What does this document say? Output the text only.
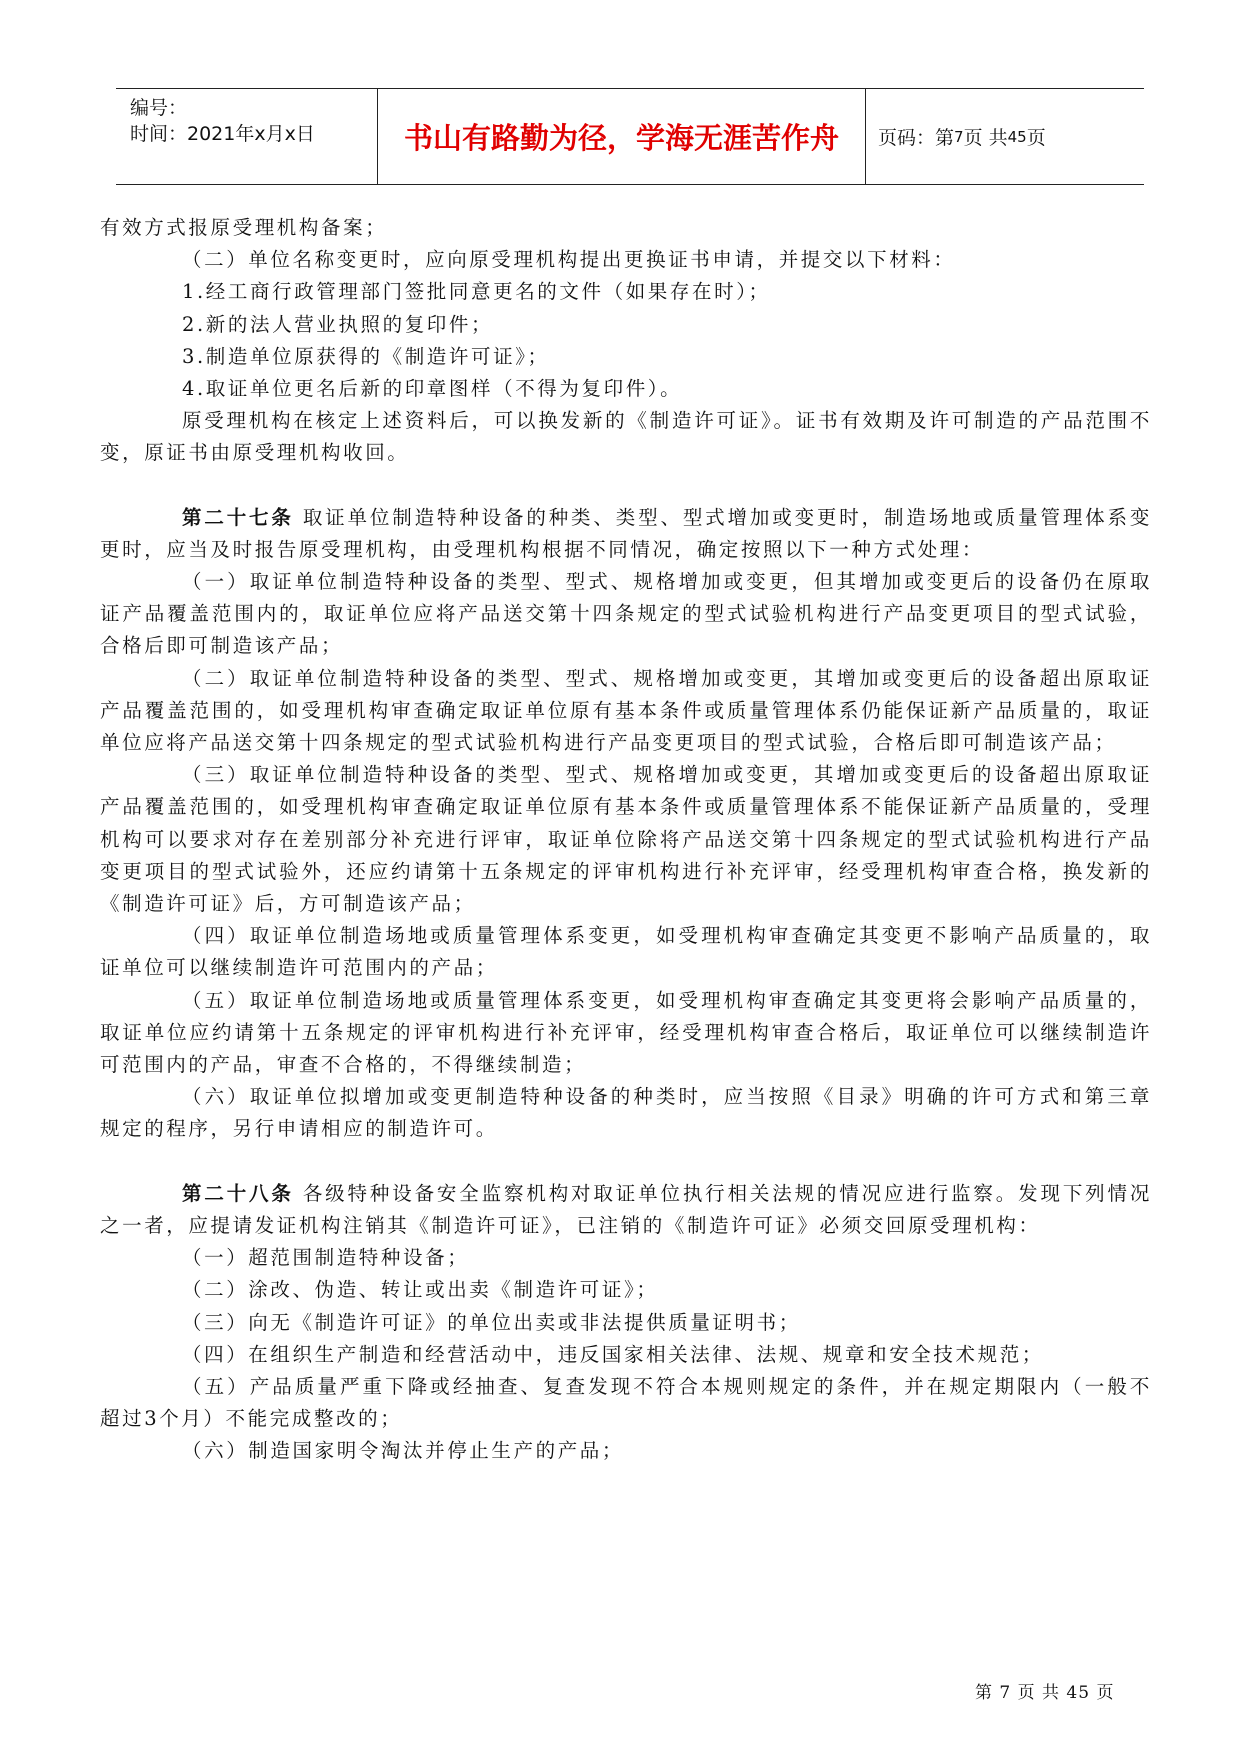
编号：
时间：2021年x月x日	书山有路勤为径，学海无涯苦作舟 页码：第 7 页 共 45 页

有效方式报原受理机构备案；

（二）单位名称变更时，应向原受理机构提出更换证书申请，并提交以下材料：

1.经工商行政管理部门签批同意更名的文件（如果存在时）；

2.新的法人营业执照的复印件；

3.制造单位原获得的《制造许可证》；

4.取证单位更名后新的印章图样（不得为复印件）。

原受理机构在核定上述资料后，可以换发新的《制造许可证》。证书有效期及许可制造的产品范围不变，原证书由原受理机构收回。

第二十七条 取证单位制造特种设备的种类、类型、型式增加或变更时，制造场地或质量管理体系变更时，应当及时报告原受理机构，由受理机构根据不同情况，确定按照以下一种方式处理：

（一）取证单位制造特种设备的类型、型式、规格增加或变更，但其增加或变更后的设备仍在原取证产品覆盖范围内的，取证单位应将产品送交第十四条规定的型式试验机构进行产品变更项目的型式试验，合格后即可制造该产品；

（二）取证单位制造特种设备的类型、型式、规格增加或变更，其增加或变更后的设备超出原取证产品覆盖范围的，如受理机构审查确定取证单位原有基本条件或质量管理体系仍能保证新产品质量的，取证单位应将产品送交第十四条规定的型式试验机构进行产品变更项目的型式试验，合格后即可制造该产品；

（三）取证单位制造特种设备的类型、型式、规格增加或变更，其增加或变更后的设备超出原取证产品覆盖范围的，如受理机构审查确定取证单位原有基本条件或质量管理体系不能保证新产品质量的，受理机构可以要求对存在差别部分补充进行评审，取证单位除将产品送交第十四条规定的型式试验机构进行产品变更项目的型式试验外，还应约请第十五条规定的评审机构进行补充评审，经受理机构审查合格，换发新的《制造许可证》后，方可制造该产品；

（四）取证单位制造场地或质量管理体系变更，如受理机构审查确定其变更不影响产品质量的，取证单位可以继续制造许可范围内的产品；

（五）取证单位制造场地或质量管理体系变更，如受理机构审查确定其变更将会影响产品质量的，取证单位应约请第十五条规定的评审机构进行补充评审，经受理机构审查合格后，取证单位可以继续制造许可范围内的产品，审查不合格的，不得继续制造；

（六）取证单位拟增加或变更制造特种设备的种类时，应当按照《目录》明确的许可方式和第三章规定的程序，另行申请相应的制造许可。

第二十八条 各级特种设备安全监察机构对取证单位执行相关法规的情况应进行监察。发现下列情况之一者，应提请发证机构注销其《制造许可证》，已注销的《制造许可证》必须交回原受理机构：

（一）超范围制造特种设备；

（二）涂改、伪造、转让或出卖《制造许可证》；

（三）向无《制造许可证》的单位出卖或非法提供质量证明书；

（四）在组织生产制造和经营活动中，违反国家相关法律、法规、规章和安全技术规范；

（五）产品质量严重下降或经抽查、复查发现不符合本规则规定的条件，并在规定期限内（一般不超过3个月）不能完成整改的；

（六）制造国家明令淘汰并停止生产的产品；

第 7 页 共 45 页
